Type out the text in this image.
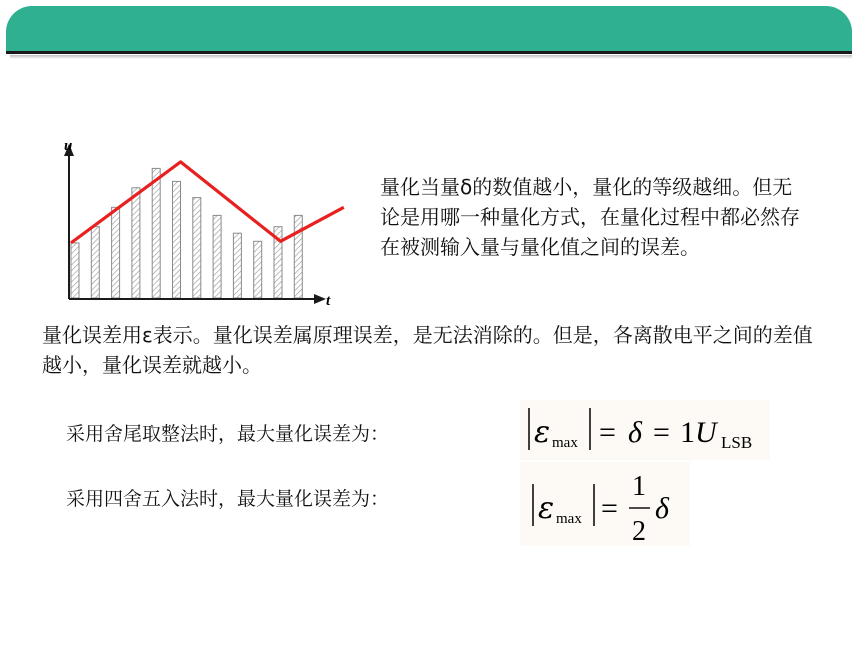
u
t

量化当量δ的数值越小，量化的等级越细。但无论是用哪一种量化方式，在量化过程中都必然存在被测输入量与量化值之间的误差。

量化误差用ε表示。量化误差属原理误差，是无法消除的。但是，各离散电平之间的差值越小，量化误差就越小。

采用舍尾取整法时，最大量化误差为：
采用四舍五入法时，最大量化误差为：
ε max = δ = 1 U LSB
ε max =
1
2
δ
